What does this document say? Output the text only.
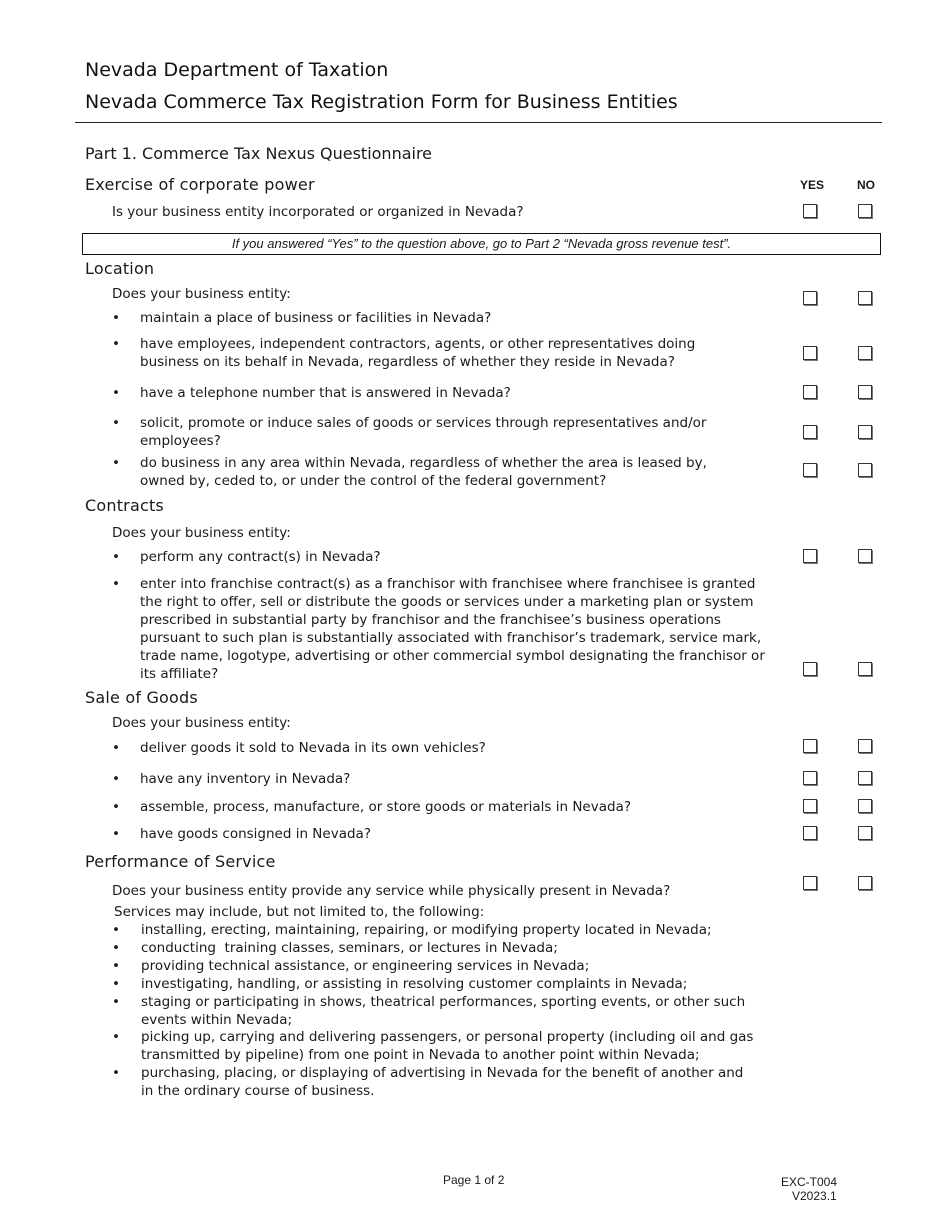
Nevada Department of Taxation
Nevada Commerce Tax Registration Form for Business Entities
Part 1. Commerce Tax Nexus Questionnaire
YES	NO
Exercise of corporate power
Is your business entity incorporated or organized in Nevada?
If you answered “Yes” to the question above, go to Part 2 “Nevada gross revenue test”.
Location
Does your business entity:
• maintain a place of business or facilities in Nevada?
• have employees, independent contractors, agents, or other representatives doing business on its behalf in Nevada, regardless of whether they reside in Nevada?
• have a telephone number that is answered in Nevada?
• solicit, promote or induce sales of goods or services through representatives and/or employees?
• do business in any area within Nevada, regardless of whether the area is leased by, owned by, ceded to, or under the control of the federal government?
Contracts
Does your business entity:
• perform any contract(s) in Nevada?
• enter into franchise contract(s) as a franchisor with franchisee where franchisee is granted the right to offer, sell or distribute the goods or services under a marketing plan or system prescribed in substantial party by franchisor and the franchisee’s business operations pursuant to such plan is substantially associated with franchisor’s trademark, service mark, trade name, logotype, advertising or other commercial symbol designating the franchisor or its affiliate?
Sale of Goods
Does your business entity:
• deliver goods it sold to Nevada in its own vehicles?
• have any inventory in Nevada?
• assemble, process, manufacture, or store goods or materials in Nevada?
• have goods consigned in Nevada?
Performance of Service
Does your business entity provide any service while physically present in Nevada?
Services may include, but not limited to, the following:
• installing, erecting, maintaining, repairing, or modifying property located in Nevada;
• conducting  training classes, seminars, or lectures in Nevada;
• providing technical assistance, or engineering services in Nevada;
• investigating, handling, or assisting in resolving customer complaints in Nevada;
• staging or participating in shows, theatrical performances, sporting events, or other such events within Nevada;
• picking up, carrying and delivering passengers, or personal property (including oil and gas transmitted by pipeline) from one point in Nevada to another point within Nevada;
• purchasing, placing, or displaying of advertising in Nevada for the benefit of another and in the ordinary course of business.
Page 1 of 2	EXC-T004
V2023.1
